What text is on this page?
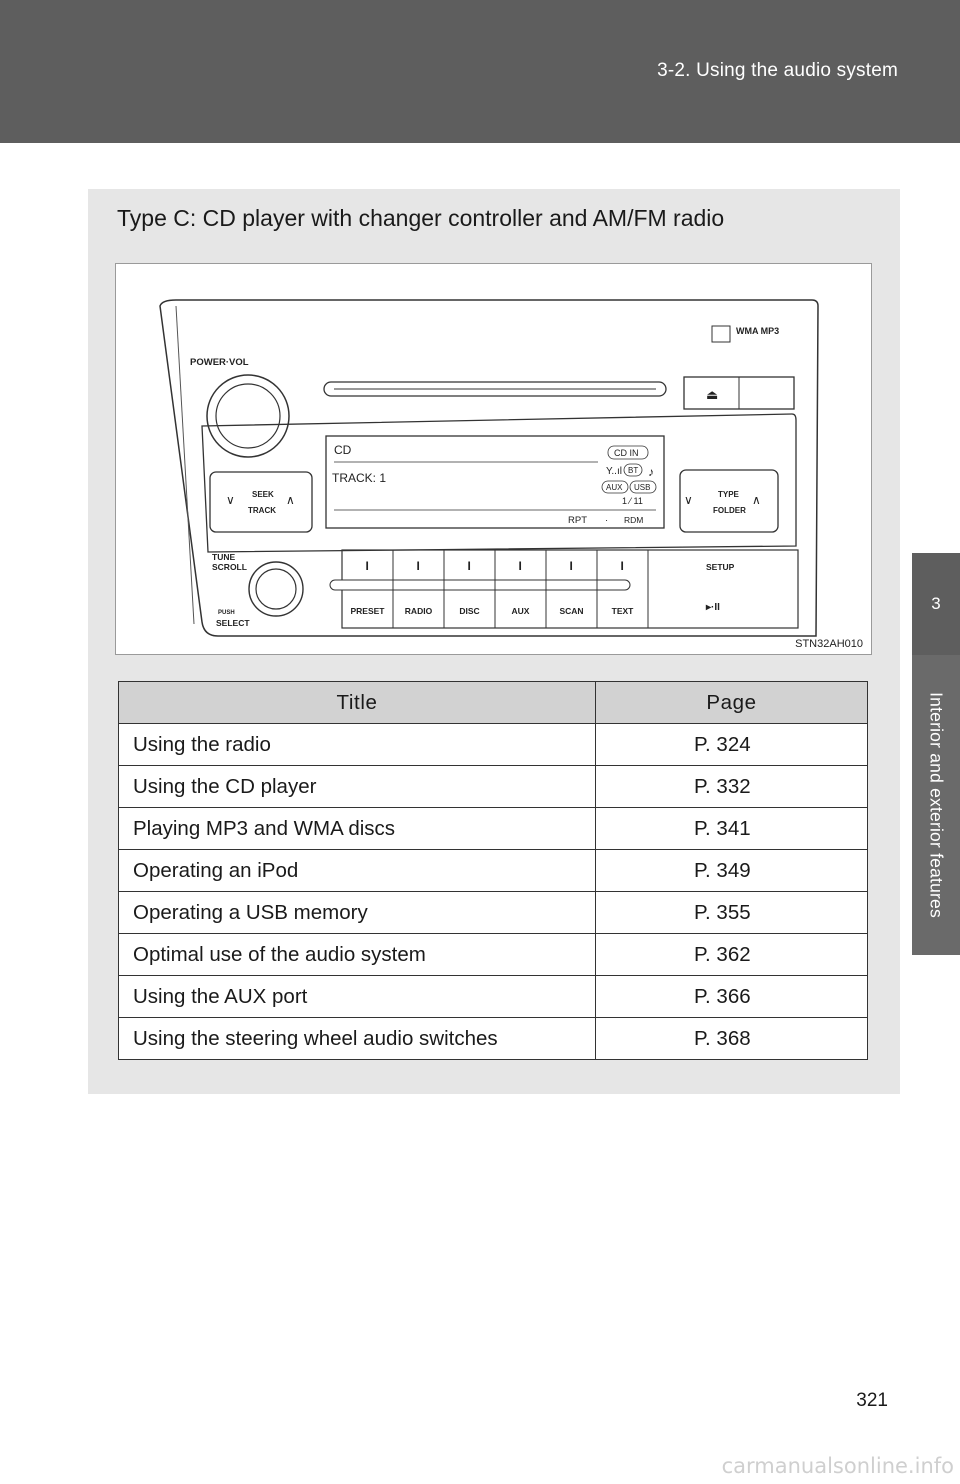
3-2. Using the audio system
3
Interior and exterior features
Type C: CD player with changer controller and AM/FM radio
WMA MP3
POWER·VOL
⏏
CD
TRACK: 1
CD IN
Y..ıl BT ♪
AUX USB
1 ⁄ 11
RPT · RDM
∨	∧
SEEK
TRACK
∨	∧
TYPE
FOLDER
TUNE
SCROLL
PUSH
SELECT
I
PRESET
I
RADIO
I
DISC
I
AUX
I
SCAN
I
TEXT
SETUP
▸·II
STN32AH010
Title	Page
Using the radio	P. 324
Using the CD player	P. 332
Playing MP3 and WMA discs	P. 341
Operating an iPod	P. 349
Operating a USB memory	P. 355
Optimal use of the audio system	P. 362
Using the AUX port	P. 366
Using the steering wheel audio switches	P. 368
321
carmanualsonline.info
